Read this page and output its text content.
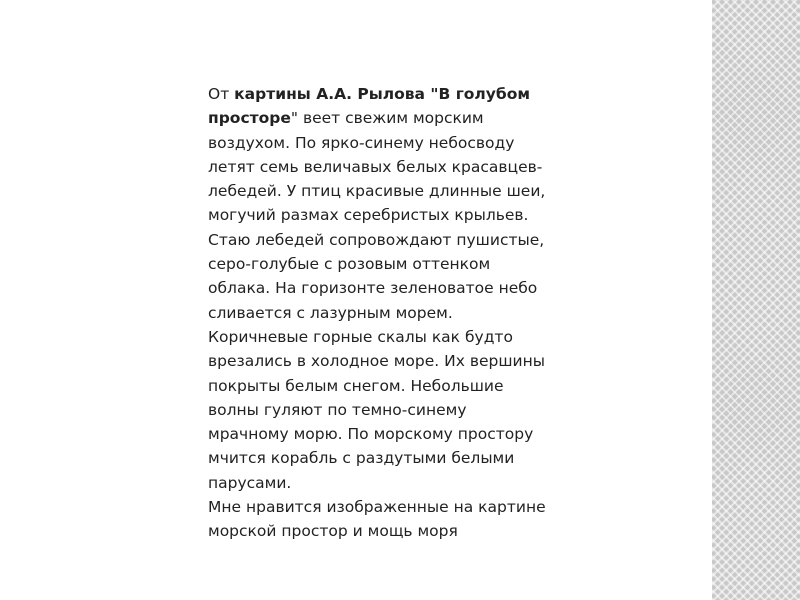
От картины А.А. Рылова "В голубом
просторе" веет свежим морским
воздухом. По ярко-синему небосводу
летят семь величавых белых красавцев-
лебедей. У птиц красивые длинные шеи,
могучий размах серебристых крыльев.
Стаю лебедей сопровождают пушистые,
серо-голубые с розовым оттенком
облака. На горизонте зеленоватое небо
сливается с лазурным морем.
Коричневые горные скалы как будто
врезались в холодное море. Их вершины
покрыты белым снегом. Небольшие
волны гуляют по темно-синему
мрачному морю. По морскому простору
мчится корабль с раздутыми белыми
парусами.
Мне нравится изображенные на картине
морской простор и мощь моря
